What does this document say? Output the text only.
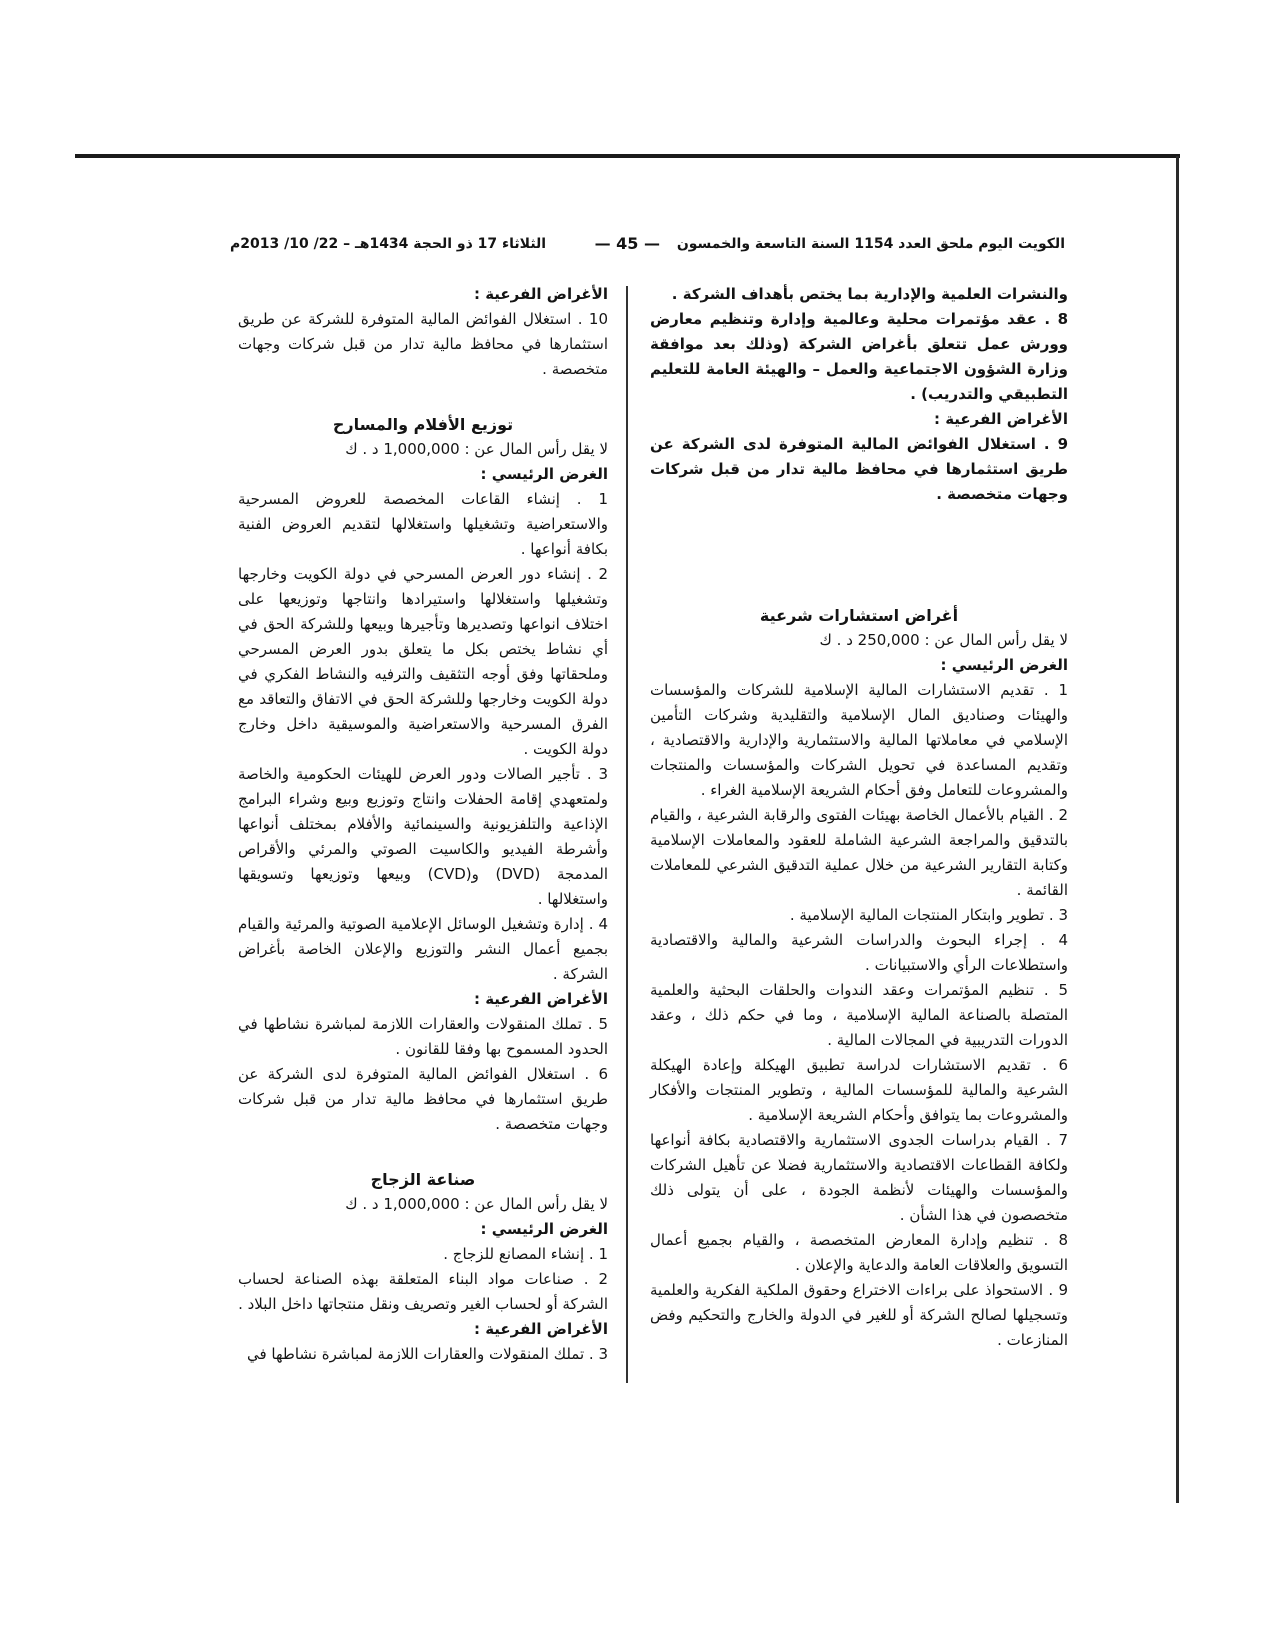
الكويت اليوم ملحق العدد 1154 السنة التاسعة والخمسون
— 45 —
الثلاثاء 17 ذو الحجة 1434هـ – 22/ 10/ 2013م

والنشرات العلمية والإدارية بما يختص بأهداف الشركة .

8 . عقد مؤتمرات محلية وعالمية وإدارة وتنظيم معارض وورش عمل تتعلق بأغراض الشركة (وذلك بعد موافقة وزارة الشؤون الاجتماعية والعمل – والهيئة العامة للتعليم التطبيقي والتدريب) .

الأغراض الفرعية :

9 . استغلال الفوائض المالية المتوفرة لدى الشركة عن طريق استثمارها في محافظ مالية تدار من قبل شركات وجهات متخصصة .

أغراض استشارات شرعية

لا يقل رأس المال عن : 250,000 د . ك

الغرض الرئيسي :

1 . تقديم الاستشارات المالية الإسلامية للشركات والمؤسسات والهيئات وصناديق المال الإسلامية والتقليدية وشركات التأمين الإسلامي في معاملاتها المالية والاستثمارية والإدارية والاقتصادية ، وتقديم المساعدة في تحويل الشركات والمؤسسات والمنتجات والمشروعات للتعامل وفق أحكام الشريعة الإسلامية الغراء .

2 . القيام بالأعمال الخاصة بهيئات الفتوى والرقابة الشرعية ، والقيام بالتدقيق والمراجعة الشرعية الشاملة للعقود والمعاملات الإسلامية وكتابة التقارير الشرعية من خلال عملية التدقيق الشرعي للمعاملات القائمة .

3 . تطوير وابتكار المنتجات المالية الإسلامية .

4 . إجراء البحوث والدراسات الشرعية والمالية والاقتصادية واستطلاعات الرأي والاستبيانات .

5 . تنظيم المؤتمرات وعقد الندوات والحلقات البحثية والعلمية المتصلة بالصناعة المالية الإسلامية ، وما في حكم ذلك ، وعقد الدورات التدريبية في المجالات المالية .

6 . تقديم الاستشارات لدراسة تطبيق الهيكلة وإعادة الهيكلة الشرعية والمالية للمؤسسات المالية ، وتطوير المنتجات والأفكار والمشروعات بما يتوافق وأحكام الشريعة الإسلامية .

7 . القيام بدراسات الجدوى الاستثمارية والاقتصادية بكافة أنواعها ولكافة القطاعات الاقتصادية والاستثمارية فضلا عن تأهيل الشركات والمؤسسات والهيئات لأنظمة الجودة ، على أن يتولى ذلك متخصصون في هذا الشأن .

8 . تنظيم وإدارة المعارض المتخصصة ، والقيام بجميع أعمال التسويق والعلاقات العامة والدعاية والإعلان .

9 . الاستحواذ على براءات الاختراع وحقوق الملكية الفكرية والعلمية وتسجيلها لصالح الشركة أو للغير في الدولة والخارج والتحكيم وفض المنازعات .

الأغراض الفرعية :

10 . استغلال الفوائض المالية المتوفرة للشركة عن طريق استثمارها في محافظ مالية تدار من قبل شركات وجهات متخصصة .

توزيع الأفلام والمسارح

لا يقل رأس المال عن : 1,000,000 د . ك

الغرض الرئيسي :

1 . إنشاء القاعات المخصصة للعروض المسرحية والاستعراضية وتشغيلها واستغلالها لتقديم العروض الفنية بكافة أنواعها .

2 . إنشاء دور العرض المسرحي في دولة الكويت وخارجها وتشغيلها واستغلالها واستيرادها وانتاجها وتوزيعها على اختلاف انواعها وتصديرها وتأجيرها وبيعها وللشركة الحق في أي نشاط يختص بكل ما يتعلق بدور العرض المسرحي وملحقاتها وفق أوجه التثقيف والترفيه والنشاط الفكري في دولة الكويت وخارجها وللشركة الحق في الاتفاق والتعاقد مع الفرق المسرحية والاستعراضية والموسيقية داخل وخارج دولة الكويت .

3 . تأجير الصالات ودور العرض للهيئات الحكومية والخاصة ولمتعهدي إقامة الحفلات وانتاج وتوزيع وبيع وشراء البرامج الإذاعية والتلفزيونية والسينمائية والأفلام بمختلف أنواعها وأشرطة الفيديو والكاسيت الصوتي والمرئي والأقراص المدمجة (DVD) و(CVD) وبيعها وتوزيعها وتسويقها واستغلالها .

4 . إدارة وتشغيل الوسائل الإعلامية الصوتية والمرئية والقيام بجميع أعمال النشر والتوزيع والإعلان الخاصة بأغراض الشركة .

الأغراض الفرعية :

5 . تملك المنقولات والعقارات اللازمة لمباشرة نشاطها في الحدود المسموح بها وفقا للقانون .

6 . استغلال الفوائض المالية المتوفرة لدى الشركة عن طريق استثمارها في محافظ مالية تدار من قبل شركات وجهات متخصصة .

صناعة الزجاج

لا يقل رأس المال عن : 1,000,000 د . ك

الغرض الرئيسي :

1 . إنشاء المصانع للزجاج .

2 . صناعات مواد البناء المتعلقة بهذه الصناعة لحساب الشركة أو لحساب الغير وتصريف ونقل منتجاتها داخل البلاد .

الأغراض الفرعية :

3 . تملك المنقولات والعقارات اللازمة لمباشرة نشاطها في
